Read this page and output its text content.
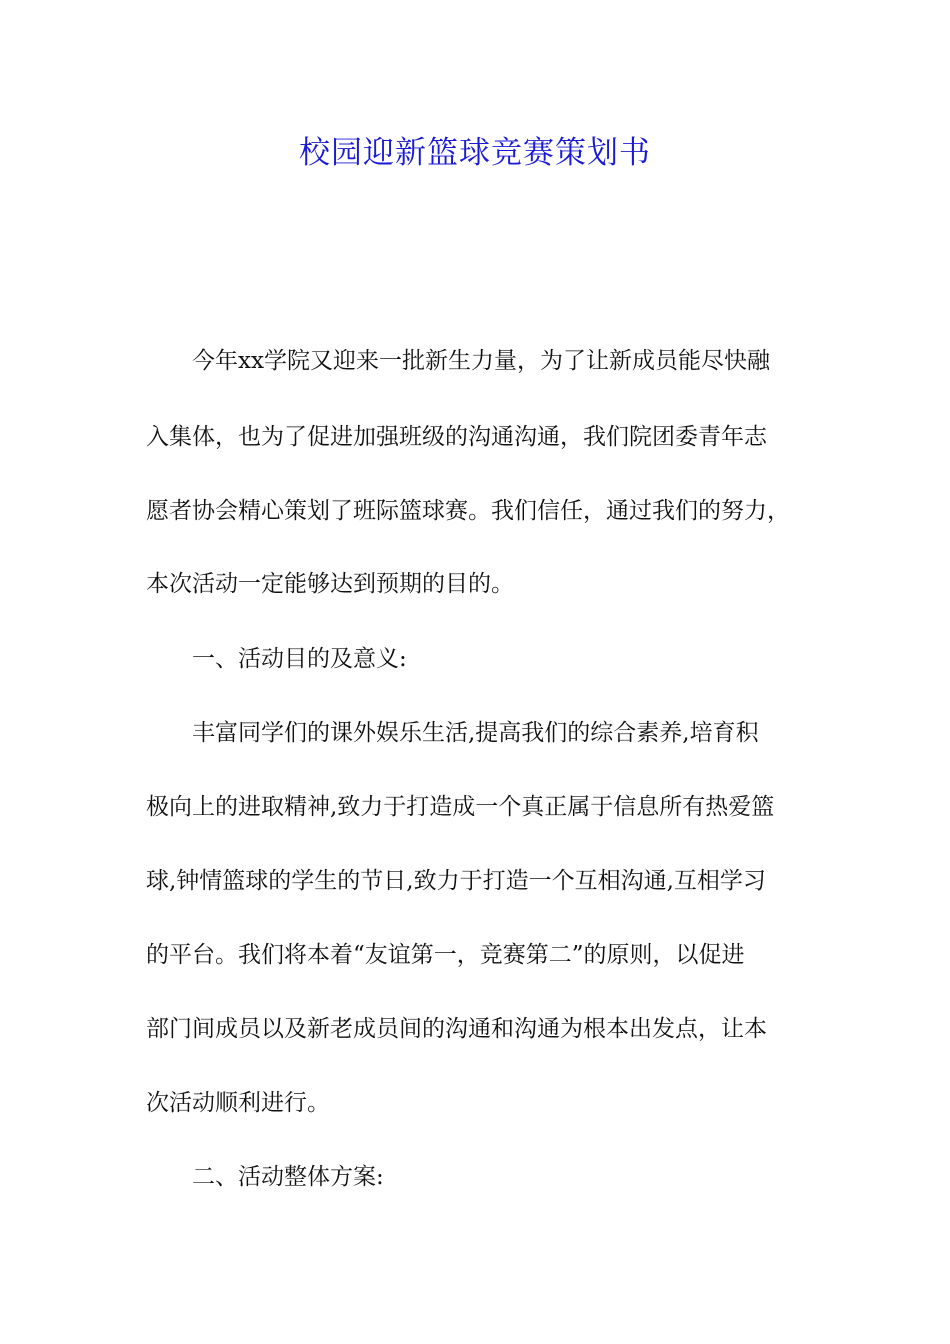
校园迎新篮球竞赛策划书

今年xx学院又迎来一批新生力量，为了让新成员能尽快融

入集体，也为了促进加强班级的沟通沟通，我们院团委青年志

愿者协会精心策划了班际篮球赛。我们信任，通过我们的努力，

本次活动一定能够达到预期的目的。

一、活动目的及意义:

丰富同学们的课外娱乐生活,提高我们的综合素养,培育积

极向上的进取精神,致力于打造成一个真正属于信息所有热爱篮

球,钟情篮球的学生的节日,致力于打造一个互相沟通,互相学习

的平台。我们将本着“友谊第一，竞赛第二”的原则，以促进

部门间成员以及新老成员间的沟通和沟通为根本出发点，让本

次活动顺利进行。

二、活动整体方案:
